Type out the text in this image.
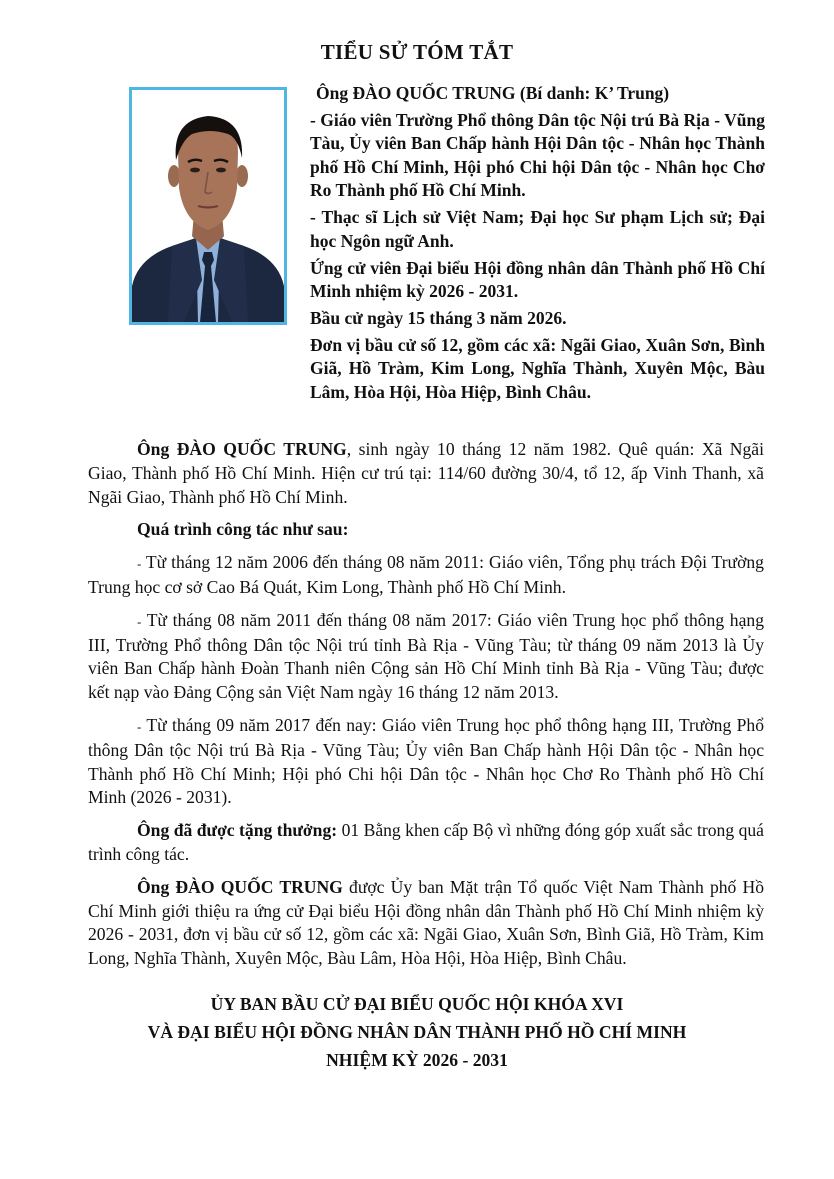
TIỂU SỬ TÓM TẮT

Ông ĐÀO QUỐC TRUNG (Bí danh: K’ Trung)

- Giáo viên Trường Phổ thông Dân tộc Nội trú Bà Rịa - Vũng Tàu, Ủy viên Ban Chấp hành Hội Dân tộc - Nhân học Thành phố Hồ Chí Minh, Hội phó Chi hội Dân tộc - Nhân học Chơ Ro Thành phố Hồ Chí Minh.

- Thạc sĩ Lịch sử Việt Nam; Đại học Sư phạm Lịch sử; Đại học Ngôn ngữ Anh.

Ứng cử viên Đại biểu Hội đồng nhân dân Thành phố Hồ Chí Minh nhiệm kỳ 2026 - 2031.

Bầu cử ngày 15 tháng 3 năm 2026.

Đơn vị bầu cử số 12, gồm các xã: Ngãi Giao, Xuân Sơn, Bình Giã, Hồ Tràm, Kim Long, Nghĩa Thành, Xuyên Mộc, Bàu Lâm, Hòa Hội, Hòa Hiệp, Bình Châu.

Ông ĐÀO QUỐC TRUNG, sinh ngày 10 tháng 12 năm 1982. Quê quán: Xã Ngãi Giao, Thành phố Hồ Chí Minh. Hiện cư trú tại: 114/60 đường 30/4, tổ 12, ấp Vinh Thanh, xã Ngãi Giao, Thành phố Hồ Chí Minh.

Quá trình công tác như sau:

- Từ tháng 12 năm 2006 đến tháng 08 năm 2011: Giáo viên, Tổng phụ trách Đội Trường Trung học cơ sở Cao Bá Quát, Kim Long, Thành phố Hồ Chí Minh.

- Từ tháng 08 năm 2011 đến tháng 08 năm 2017: Giáo viên Trung học phổ thông hạng III, Trường Phổ thông Dân tộc Nội trú tỉnh Bà Rịa - Vũng Tàu; từ tháng 09 năm 2013 là Ủy viên Ban Chấp hành Đoàn Thanh niên Cộng sản Hồ Chí Minh tỉnh Bà Rịa - Vũng Tàu; được kết nạp vào Đảng Cộng sản Việt Nam ngày 16 tháng 12 năm 2013.

- Từ tháng 09 năm 2017 đến nay: Giáo viên Trung học phổ thông hạng III, Trường Phổ thông Dân tộc Nội trú Bà Rịa - Vũng Tàu; Ủy viên Ban Chấp hành Hội Dân tộc - Nhân học Thành phố Hồ Chí Minh; Hội phó Chi hội Dân tộc - Nhân học Chơ Ro Thành phố Hồ Chí Minh (2026 - 2031).

Ông đã được tặng thưởng: 01 Bằng khen cấp Bộ vì những đóng góp xuất sắc trong quá trình công tác.

Ông ĐÀO QUỐC TRUNG được Ủy ban Mặt trận Tổ quốc Việt Nam Thành phố Hồ Chí Minh giới thiệu ra ứng cử Đại biểu Hội đồng nhân dân Thành phố Hồ Chí Minh nhiệm kỳ 2026 - 2031, đơn vị bầu cử số 12, gồm các xã: Ngãi Giao, Xuân Sơn, Bình Giã, Hồ Tràm, Kim Long, Nghĩa Thành, Xuyên Mộc, Bàu Lâm, Hòa Hội, Hòa Hiệp, Bình Châu.

ỦY BAN BẦU CỬ ĐẠI BIỂU QUỐC HỘI KHÓA XVI
VÀ ĐẠI BIỂU HỘI ĐỒNG NHÂN DÂN THÀNH PHỐ HỒ CHÍ MINH
NHIỆM KỲ 2026 - 2031
